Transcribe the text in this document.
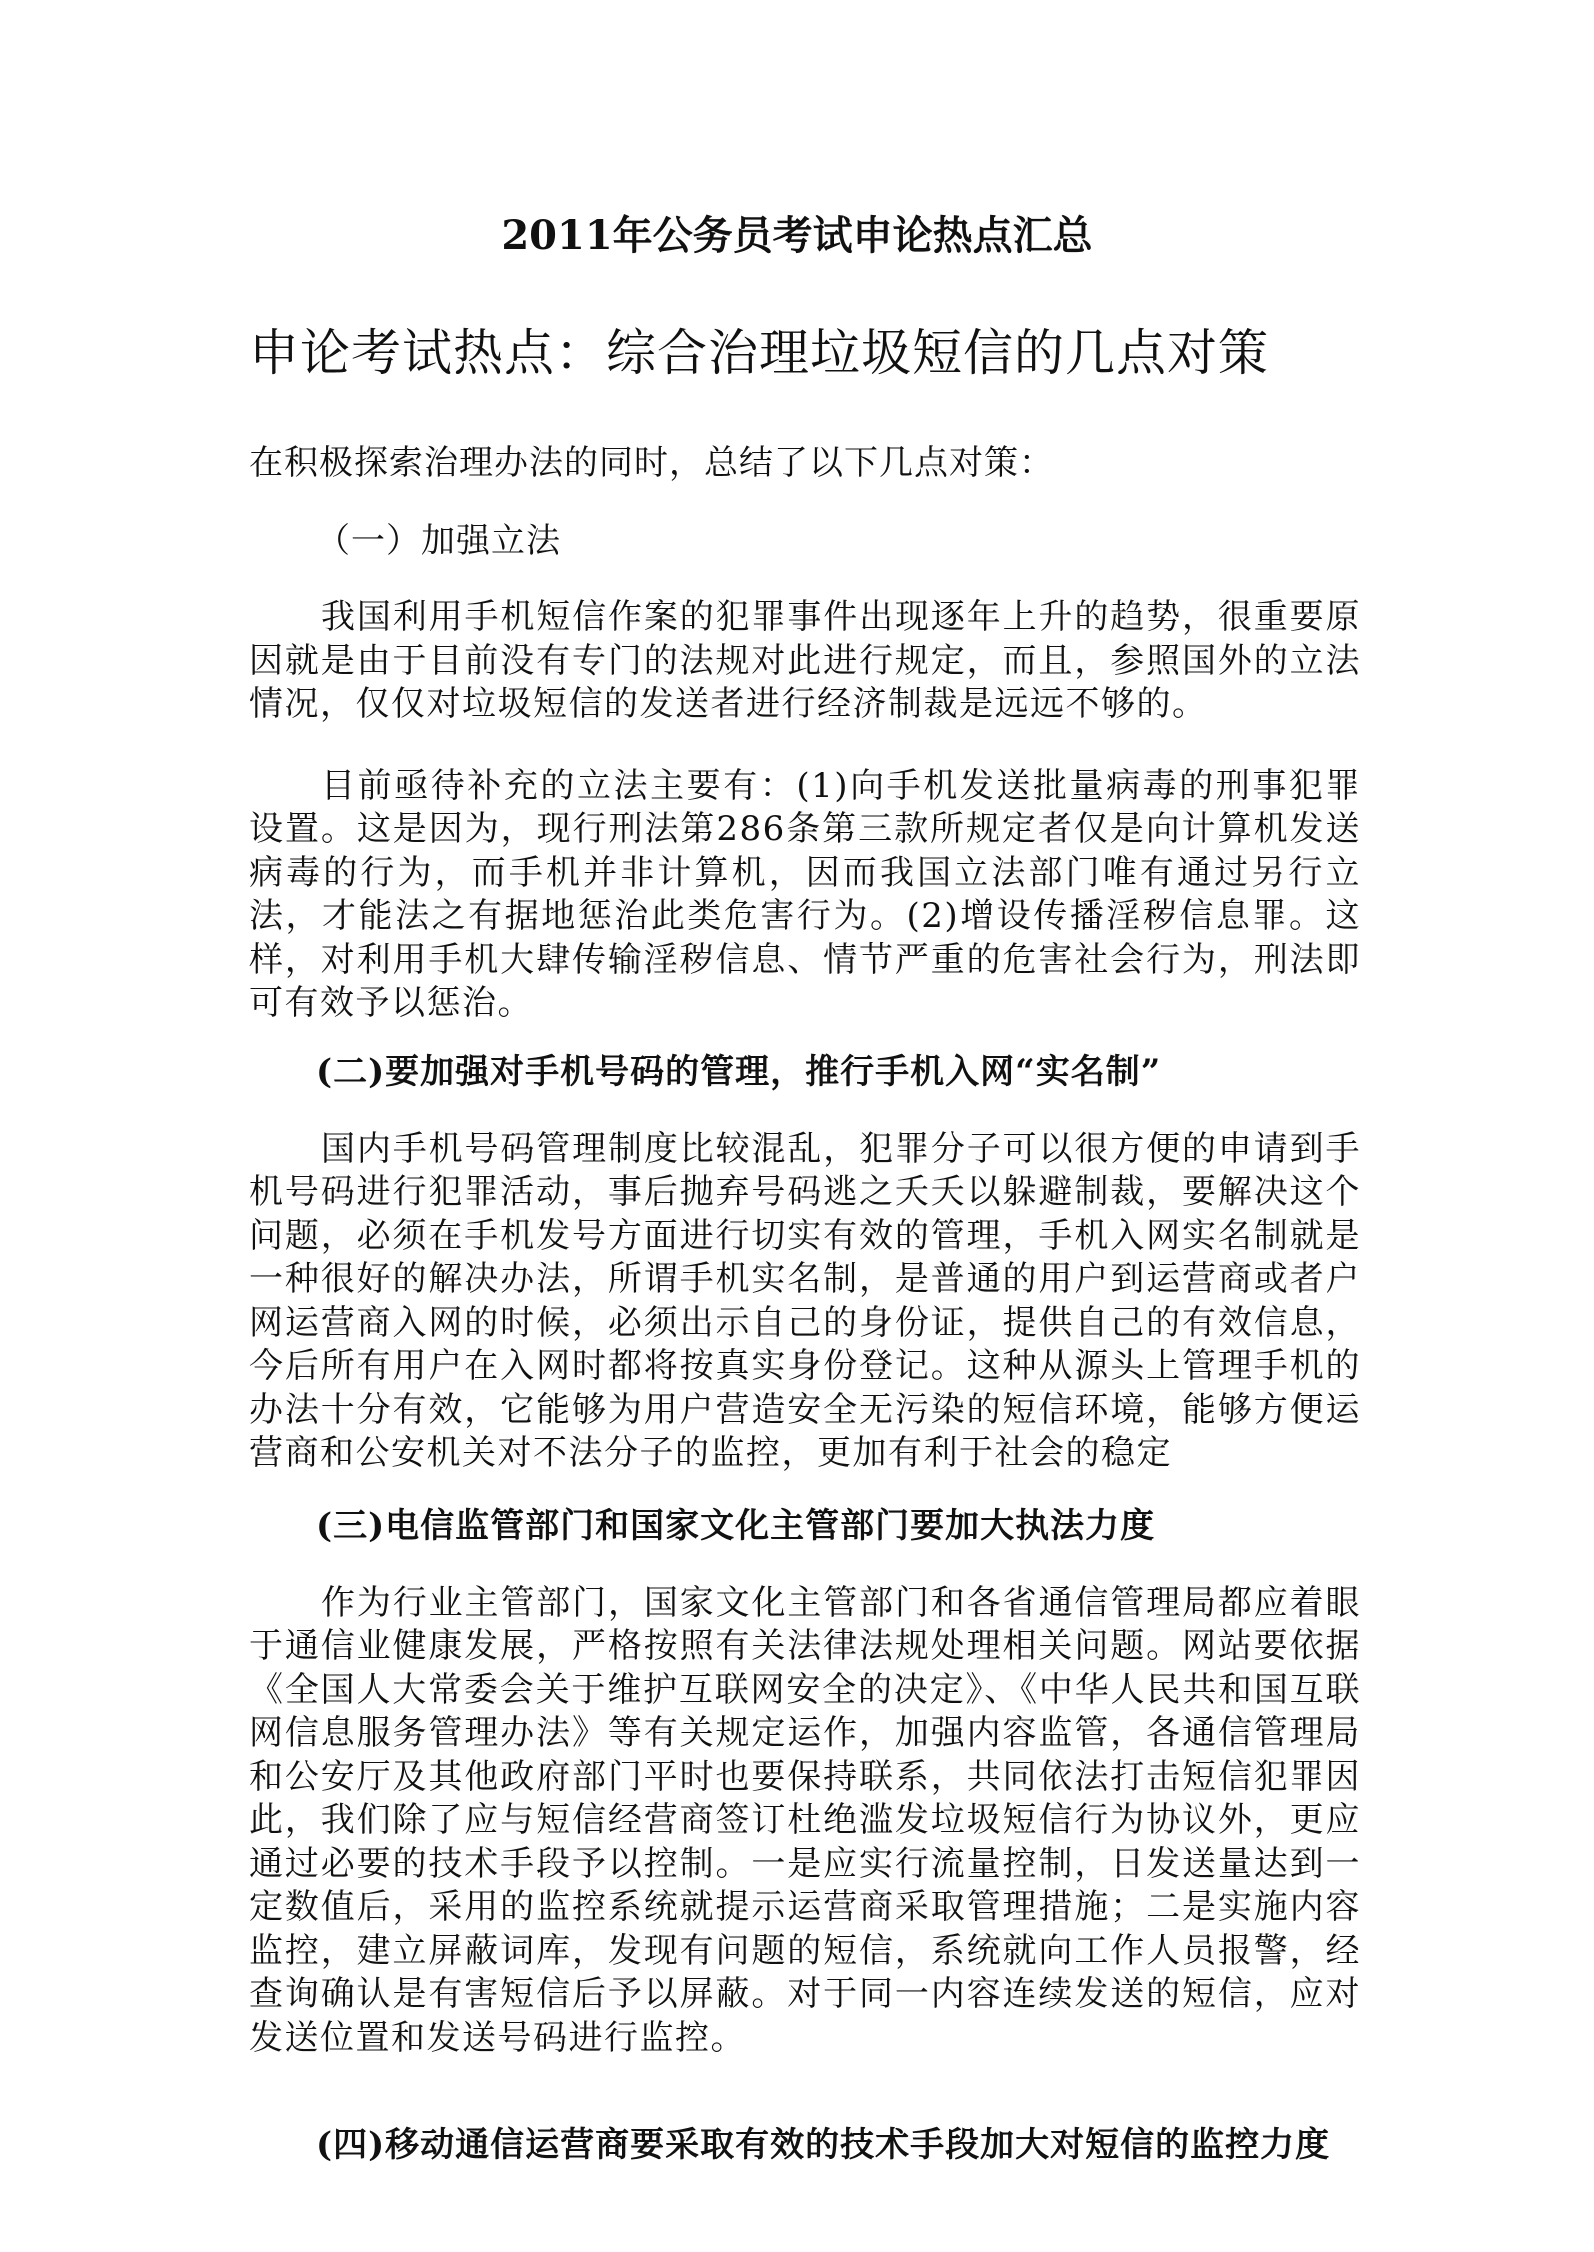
2011年公务员考试申论热点汇总
申论考试热点：综合治理垃圾短信的几点对策
在积极探索治理办法的同时，总结了以下几点对策：
（一）加强立法
我国利用手机短信作案的犯罪事件出现逐年上升的趋势，很重要原因就是由于目前没有专门的法规对此进行规定，而且，参照国外的立法情况，仅仅对垃圾短信的发送者进行经济制裁是远远不够的。
目前亟待补充的立法主要有：(1)向手机发送批量病毒的刑事犯罪设置。这是因为，现行刑法第286条第三款所规定者仅是向计算机发送病毒的行为，而手机并非计算机，因而我国立法部门唯有通过另行立法，才能法之有据地惩治此类危害行为。(2)增设传播淫秽信息罪。这样，对利用手机大肆传输淫秽信息、情节严重的危害社会行为，刑法即可有效予以惩治。
(二)要加强对手机号码的管理，推行手机入网“实名制”
国内手机号码管理制度比较混乱，犯罪分子可以很方便的申请到手机号码进行犯罪活动，事后抛弃号码逃之夭夭以躲避制裁，要解决这个问题，必须在手机发号方面进行切实有效的管理，手机入网实名制就是一种很好的解决办法，所谓手机实名制，是普通的用户到运营商或者户网运营商入网的时候，必须出示自己的身份证，提供自己的有效信息，今后所有用户在入网时都将按真实身份登记。这种从源头上管理手机的办法十分有效，它能够为用户营造安全无污染的短信环境，能够方便运营商和公安机关对不法分子的监控，更加有利于社会的稳定
(三)电信监管部门和国家文化主管部门要加大执法力度
作为行业主管部门，国家文化主管部门和各省通信管理局都应着眼于通信业健康发展，严格按照有关法律法规处理相关问题。网站要依据《全国人大常委会关于维护互联网安全的决定》、《中华人民共和国互联网信息服务管理办法》等有关规定运作，加强内容监管，各通信管理局和公安厅及其他政府部门平时也要保持联系，共同依法打击短信犯罪因此，我们除了应与短信经营商签订杜绝滥发垃圾短信行为协议外，更应通过必要的技术手段予以控制。一是应实行流量控制，日发送量达到一定数值后，采用的监控系统就提示运营商采取管理措施；二是实施内容监控，建立屏蔽词库，发现有问题的短信，系统就向工作人员报警，经查询确认是有害短信后予以屏蔽。对于同一内容连续发送的短信，应对发送位置和发送号码进行监控。
(四)移动通信运营商要采取有效的技术手段加大对短信的监控力度
